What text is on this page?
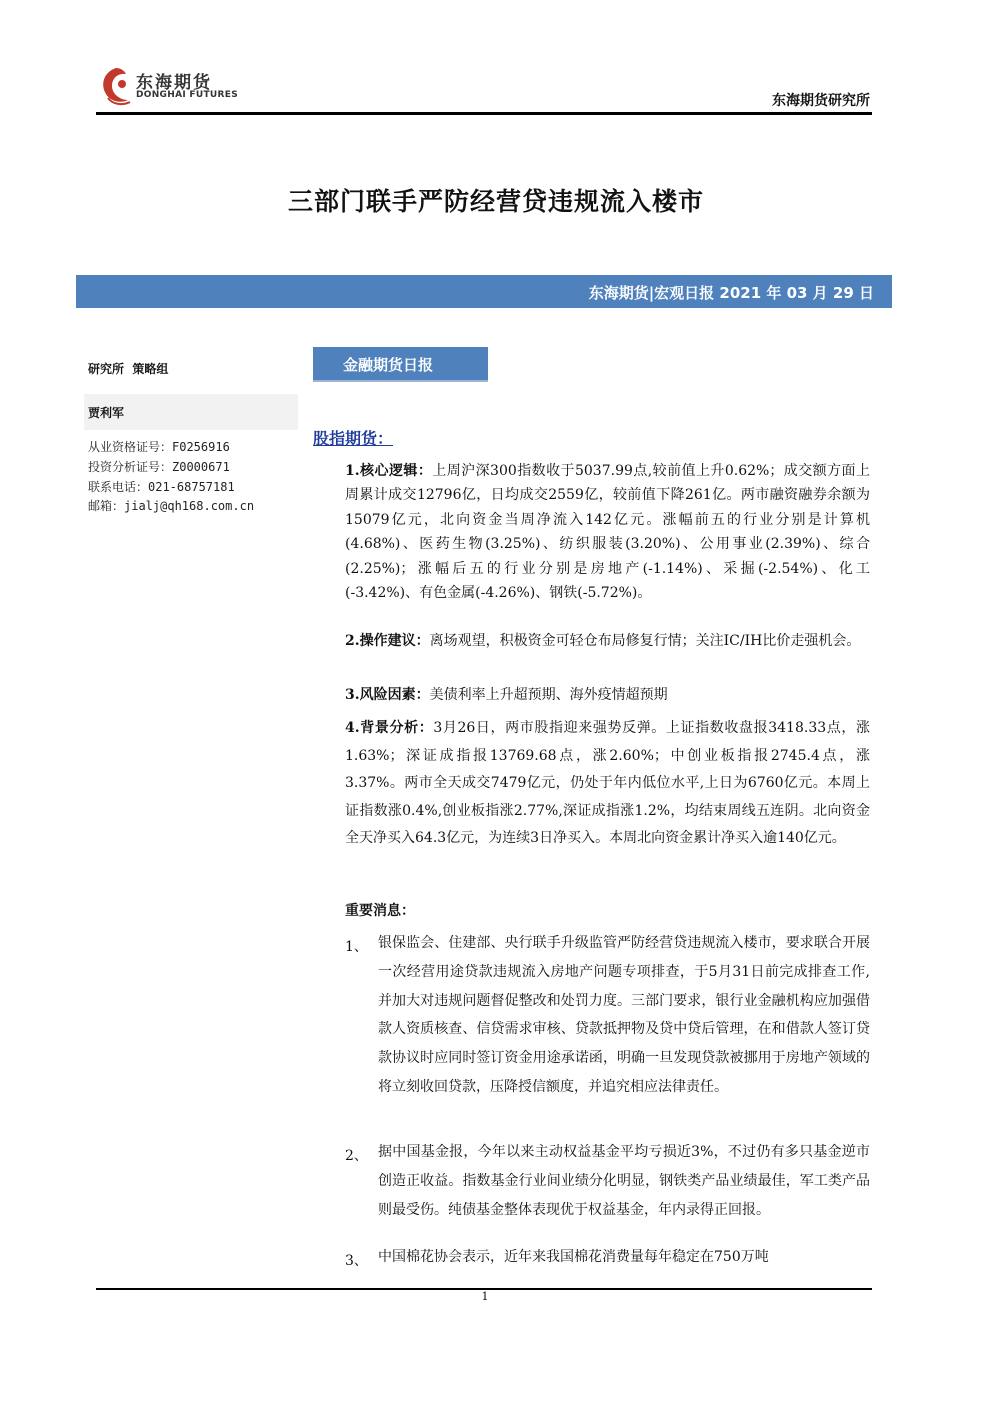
东海期货
DONGHAI FUTURES	东海期货研究所
三部门联手严防经营贷违规流入楼市
东海期货|宏观日报 2021 年 03 月 29 日
研究所  策略组
贾利军
从业资格证号：F0256916
投资分析证号：Z0000671
联系电话：021-68757181
邮箱：jialj@qh168.com.cn
金融期货日报
股指期货：
1.核心逻辑：上周沪深300指数收于5037.99点,较前值上升0.62%；成交额方面上周累计成交12796亿，日均成交2559亿，较前值下降261亿。两市融资融券余额为15079亿元，北向资金当周净流入142亿元。涨幅前五的行业分别是计算机(4.68%)、医药生物(3.25%)、纺织服装(3.20%)、公用事业(2.39%)、综合(2.25%)；涨幅后五的行业分别是房地产(-1.14%)、采掘(-2.54%)、化工(-3.42%)、有色金属(-4.26%)、钢铁(-5.72%)。
2.操作建议：离场观望，积极资金可轻仓布局修复行情；关注IC/IH比价走强机会。
3.风险因素：美债利率上升超预期、海外疫情超预期
4.背景分析：3月26日，两市股指迎来强势反弹。上证指数收盘报3418.33点，涨1.63%；深证成指报13769.68点，涨2.60%；中创业板指报2745.4点，涨3.37%。两市全天成交7479亿元，仍处于年内低位水平,上日为6760亿元。本周上证指数涨0.4%,创业板指涨2.77%,深证成指涨1.2%，均结束周线五连阴。北向资金全天净买入64.3亿元，为连续3日净买入。本周北向资金累计净买入逾140亿元。
重要消息：
1、 银保监会、住建部、央行联手升级监管严防经营贷违规流入楼市，要求联合开展一次经营用途贷款违规流入房地产问题专项排查，于5月31日前完成排查工作,并加大对违规问题督促整改和处罚力度。三部门要求，银行业金融机构应加强借款人资质核查、信贷需求审核、贷款抵押物及贷中贷后管理，在和借款人签订贷款协议时应同时签订资金用途承诺函，明确一旦发现贷款被挪用于房地产领域的将立刻收回贷款，压降授信额度，并追究相应法律责任。
2、 据中国基金报，今年以来主动权益基金平均亏损近3%，不过仍有多只基金逆市创造正收益。指数基金行业间业绩分化明显，钢铁类产品业绩最佳，军工类产品则最受伤。纯债基金整体表现优于权益基金，年内录得正回报。
3、 中国棉花协会表示，近年来我国棉花消费量每年稳定在750万吨
1
